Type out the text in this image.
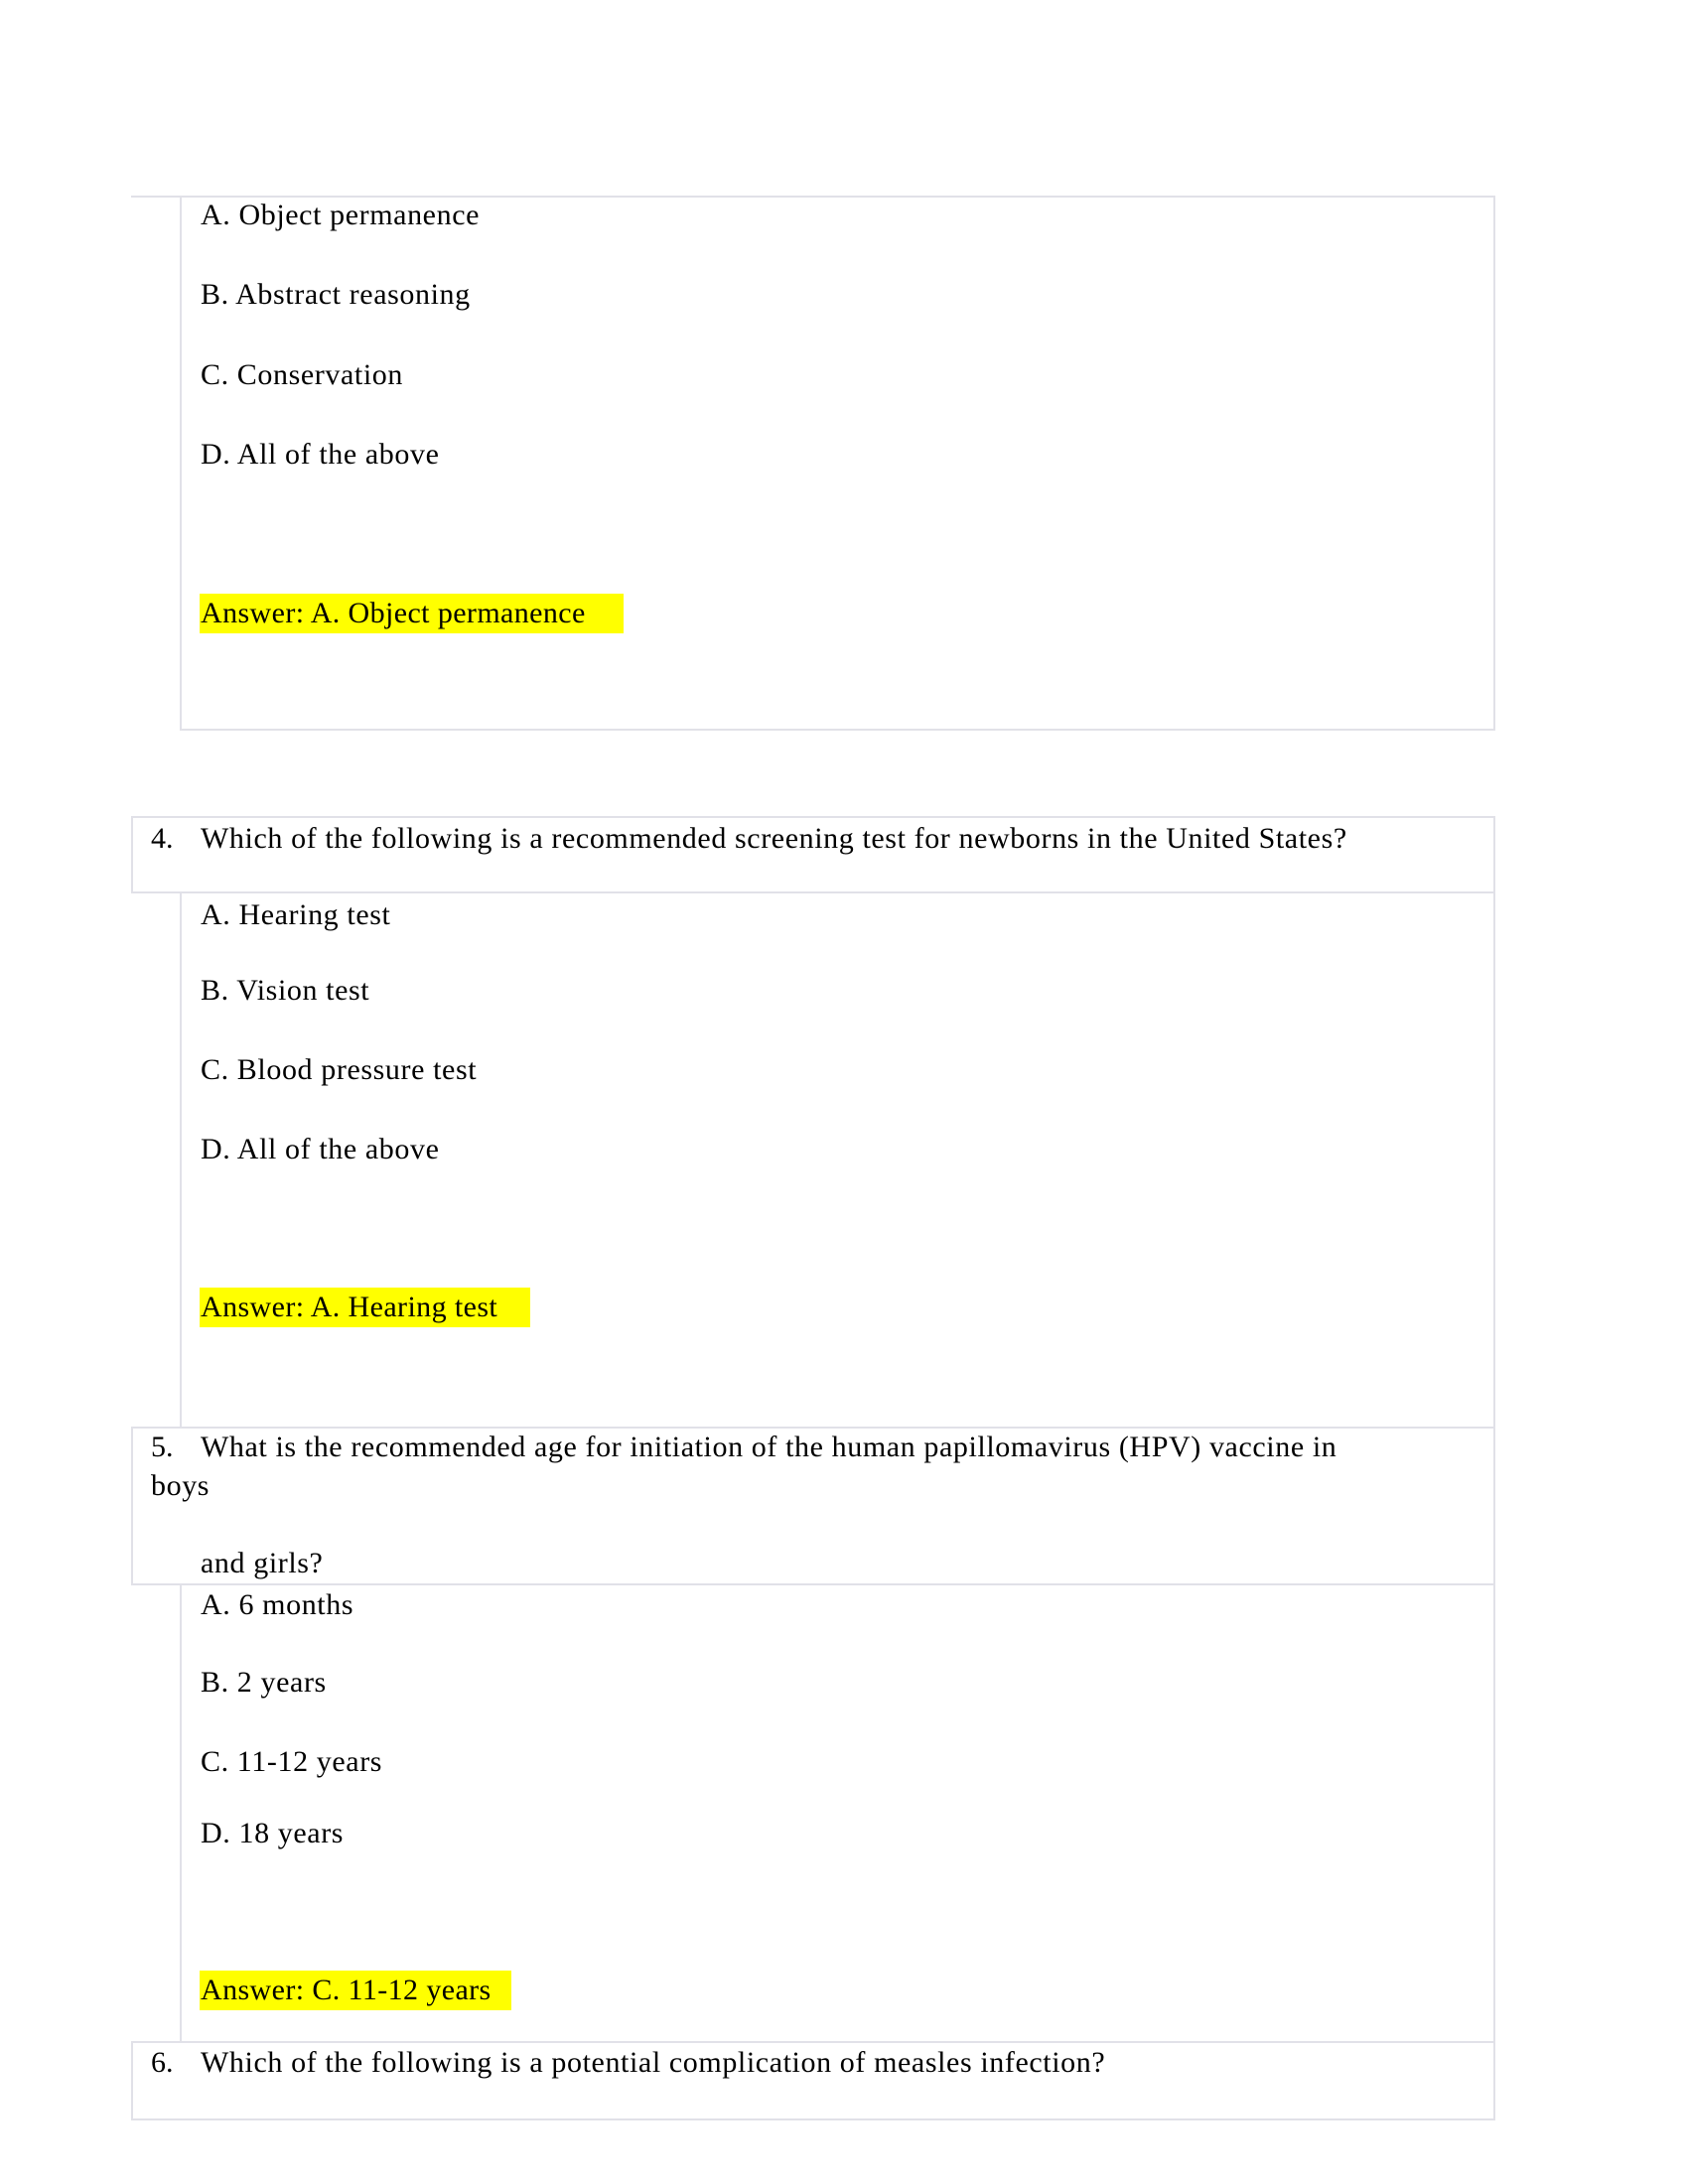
A. Object permanence
B. Abstract reasoning
C. Conservation
D. All of the above
Answer: A. Object permanence
4. Which of the following is a recommended screening test for newborns in the United States?
A. Hearing test
B. Vision test
C. Blood pressure test
D. All of the above
Answer: A. Hearing test
5. What is the recommended age for initiation of the human papillomavirus (HPV) vaccine in
boys
and girls?
A. 6 months
B. 2 years
C. 11-12 years
D. 18 years
Answer: C. 11-12 years
6. Which of the following is a potential complication of measles infection?
